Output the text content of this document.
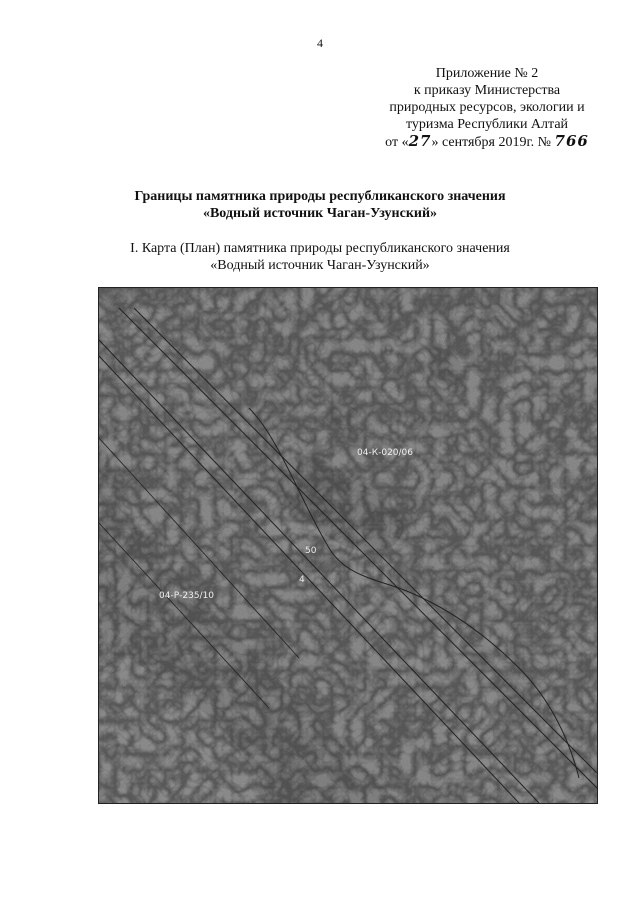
4
Приложение № 2
к приказу Министерства
природных ресурсов, экологии и
туризма Республики Алтай
от «27» сентября 2019г. № 766
Границы памятника природы республиканского значения
«Водный источник Чаган-Узунский»
I. Карта (План) памятника природы республиканского значения
«Водный источник Чаган-Узунский»
04-К-020/06
04-Р-235/10
50
4
